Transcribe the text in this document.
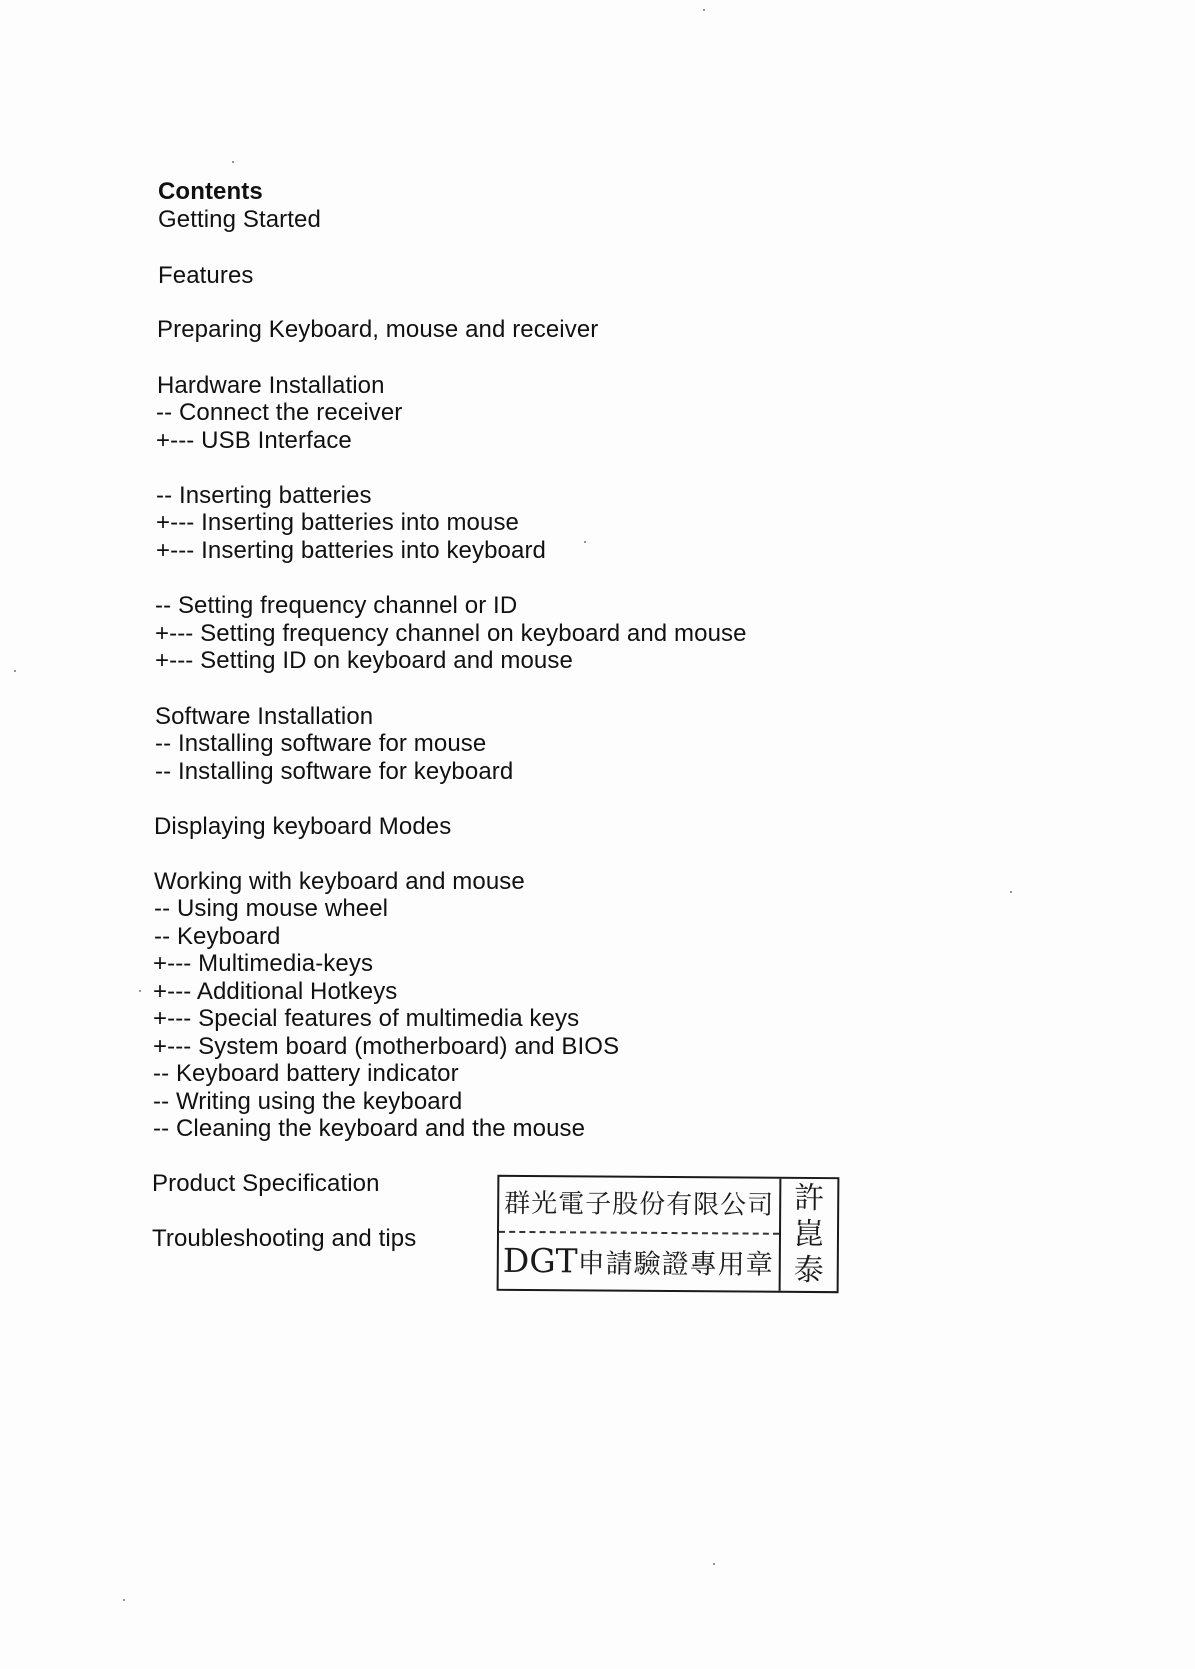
Contents
Getting Started
Features
Preparing Keyboard, mouse and receiver
Hardware Installation
-- Connect the receiver
+--- USB Interface
-- Inserting batteries
+--- Inserting batteries into mouse
+--- Inserting batteries into keyboard
-- Setting frequency channel or ID
+--- Setting frequency channel on keyboard and mouse
+--- Setting ID on keyboard and mouse
Software Installation
-- Installing software for mouse
-- Installing software for keyboard
Displaying keyboard Modes
Working with keyboard and mouse
-- Using mouse wheel
-- Keyboard
+--- Multimedia-keys
+--- Additional Hotkeys
+--- Special features of multimedia keys
+--- System board (motherboard) and BIOS
-- Keyboard battery indicator
-- Writing using the keyboard
-- Cleaning the keyboard and the mouse
Product Specification
Troubleshooting and tips
群光電子股份有限公司
DGT申請驗證專用章
許
崑
泰
